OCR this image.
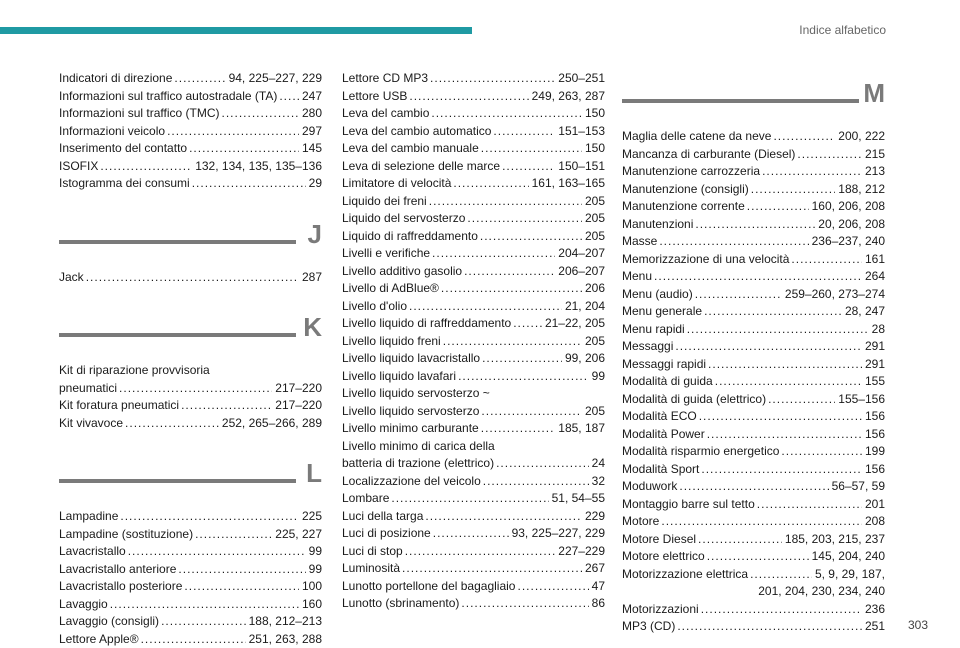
Indice alfabetico
Indicatori di direzione .....	94, 225–227, 229
Informazioni sul traffico autostradale (TA) ..... 247
Informazioni sul traffico (TMC) .....	280
Informazioni veicolo .....	297
Inserimento del contatto .....	145
ISOFIX .....	132, 134, 135, 135–136
Istogramma dei consumi .....	29
J
Jack .....	287
K
Kit di riparazione provvisoria
pneumatici .....	217–220
Kit foratura pneumatici .....	217–220
Kit vivavoce .....	252, 265–266, 289
L
Lampadine .....	225
Lampadine (sostituzione) .....	225, 227
Lavacristallo .....	99
Lavacristallo anteriore .....	99
Lavacristallo posteriore .....	100
Lavaggio .....	160
Lavaggio (consigli) .....	188, 212–213
Lettore Apple® .....	251, 263, 288
Lettore CD MP3 .....	250–251
Lettore USB .....	249, 263, 287
Leva del cambio .....	150
Leva del cambio automatico .....	151–153
Leva del cambio manuale .....	150
Leva di selezione delle marce .....	150–151
Limitatore di velocità .....	161, 163–165
Liquido dei freni .....	205
Liquido del servosterzo .....	205
Liquido di raffreddamento .....	205
Livelli e verifiche .....	204–207
Livello additivo gasolio .....	206–207
Livello di AdBlue® .....	206
Livello d'olio .....	21, 204
Livello liquido di raffreddamento .....	21–22, 205
Livello liquido freni .....	205
Livello liquido lavacristallo .....	99, 206
Livello liquido lavafari .....	99
Livello liquido servosterzo ~
Livello liquido servosterzo .....	205
Livello minimo carburante .....	185, 187
Livello minimo di carica della
batteria di trazione (elettrico) .....	24
Localizzazione del veicolo .....	32
Lombare .....	51, 54–55
Luci della targa .....	229
Luci di posizione .....	93, 225–227, 229
Luci di stop .....	227–229
Luminosità .....	267
Lunotto portellone del bagagliaio .....	47
Lunotto (sbrinamento) .....	86
M
Maglia delle catene da neve .....	200, 222
Mancanza di carburante (Diesel) .....	215
Manutenzione carrozzeria .....	213
Manutenzione (consigli) .....	188, 212
Manutenzione corrente .....	160, 206, 208
Manutenzioni .....	20, 206, 208
Masse .....	236–237, 240
Memorizzazione di una velocità .....	161
Menu .....	264
Menu (audio) .....	259–260, 273–274
Menu generale .....	28, 247
Menu rapidi .....	28
Messaggi .....	291
Messaggi rapidi .....	291
Modalità di guida .....	155
Modalità di guida (elettrico) .....	155–156
Modalità ECO .....	156
Modalità Power .....	156
Modalità risparmio energetico .....	199
Modalità Sport .....	156
Moduwork .....	56–57, 59
Montaggio barre sul tetto .....	201
Motore .....	208
Motore Diesel .....	185, 203, 215, 237
Motore elettrico .....	145, 204, 240
Motorizzazione elettrica .....	5, 9, 29, 187,
201, 204, 230, 234, 240
Motorizzazioni .....	236
MP3 (CD) .....	251 303
